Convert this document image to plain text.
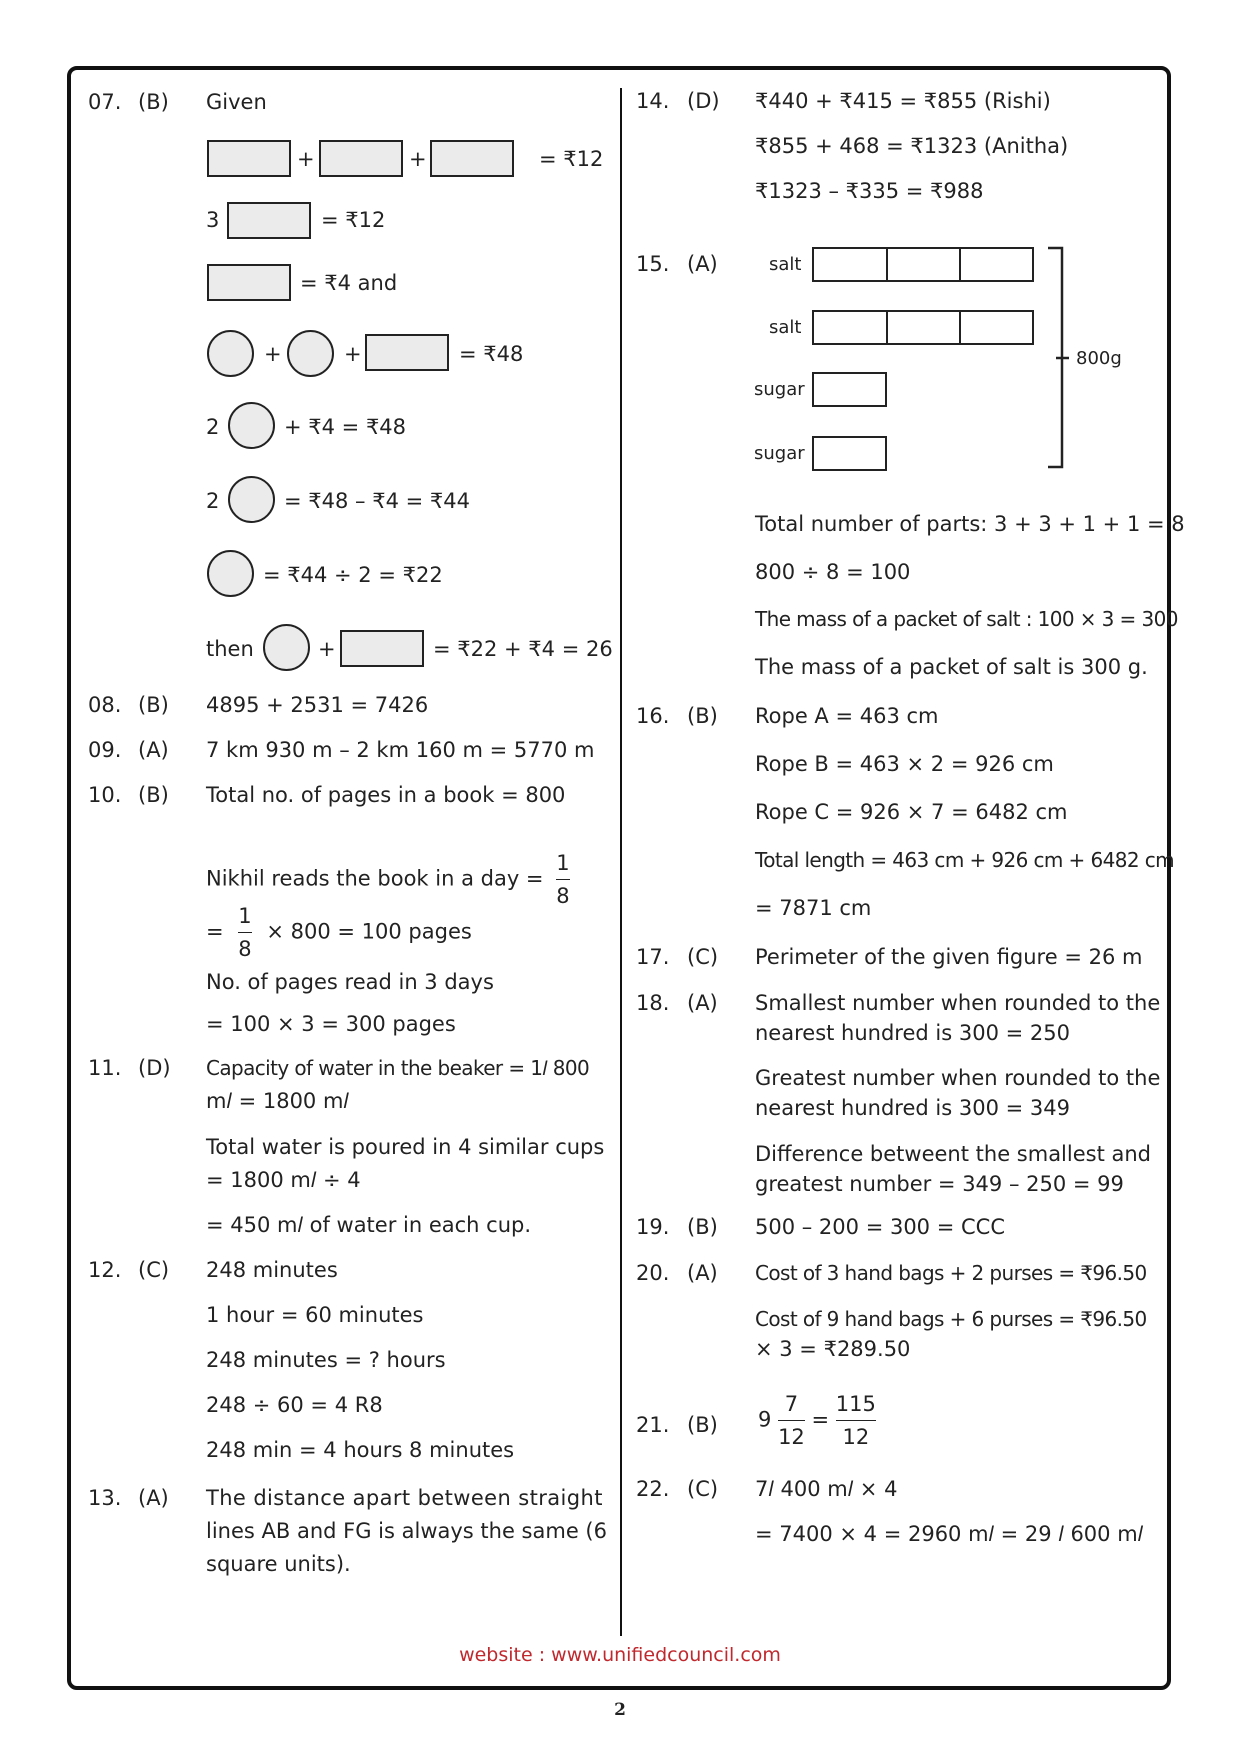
07. (B) Given
+	+	= ₹12
3	= ₹12
= ₹4 and
+	+	= ₹48
2	+ ₹4 = ₹48
2	= ₹48 – ₹4 = ₹44
= ₹44 ÷ 2 = ₹22
then	+	= ₹22 + ₹4 = 26
08. (B) 4895 + 2531 = 7426
09. (A) 7 km 930 m – 2 km 160 m = 5770 m
10. (B) Total no. of pages in a book = 800
Nikhil reads the book in a day = $\frac{1}{8}$
= $\frac{1}{8} \times 800 = 100$ pages
No. of pages read in 3 days
= 100 × 3 = 300 pages
11. (D) Capacity of water in the beaker = 1𝑙 800
m𝑙 = 1800 m𝑙
Total water is poured in 4 similar cups
= 1800 m𝑙 ÷ 4
= 450 m𝑙 of water in each cup.
12. (C) 248 minutes
1 hour = 60 minutes
248 minutes = ? hours
248 ÷ 60 = 4 R8
248 min = 4 hours 8 minutes
13. (A) The distance apart between straight
lines AB and FG is always the same (6
square units).
14. (D) ₹440 + ₹415 = ₹855 (Rishi)
₹855 + 468 = ₹1323 (Anitha)
₹1323 – ₹335 = ₹988
15. (A)	salt
salt
sugar
sugar
800g
Total number of parts: 3 + 3 + 1 + 1 = 8
800 ÷ 8 = 100
The mass of a packet of salt : 100 × 3 = 300
The mass of a packet of salt is 300 g.
16. (B) Rope A = 463 cm
Rope B = 463 × 2 = 926 cm
Rope C = 926 × 7 = 6482 cm
Total length = 463 cm + 926 cm + 6482 cm
= 7871 cm
17. (C) Perimeter of the given figure = 26 m
18. (A) Smallest number when rounded to the
nearest hundred is 300 = 250
Greatest number when rounded to the
nearest hundred is 300 = 349
Difference betweent the smallest and
greatest number = 349 – 250 = 99
19. (B) 500 – 200 = 300 = CCC
20. (A) Cost of 3 hand bags + 2 purses = ₹96.50
Cost of 9 hand bags + 6 purses = ₹96.50
× 3 = ₹289.50
21. (B) $9 \frac{7}{12} = \frac{115}{12}$
22. (C) 7𝑙 400 m𝑙 × 4
= 7400 × 4 = 2960 m𝑙 = 29 𝑙 600 m𝑙
website : www.unifiedcouncil.com
2
